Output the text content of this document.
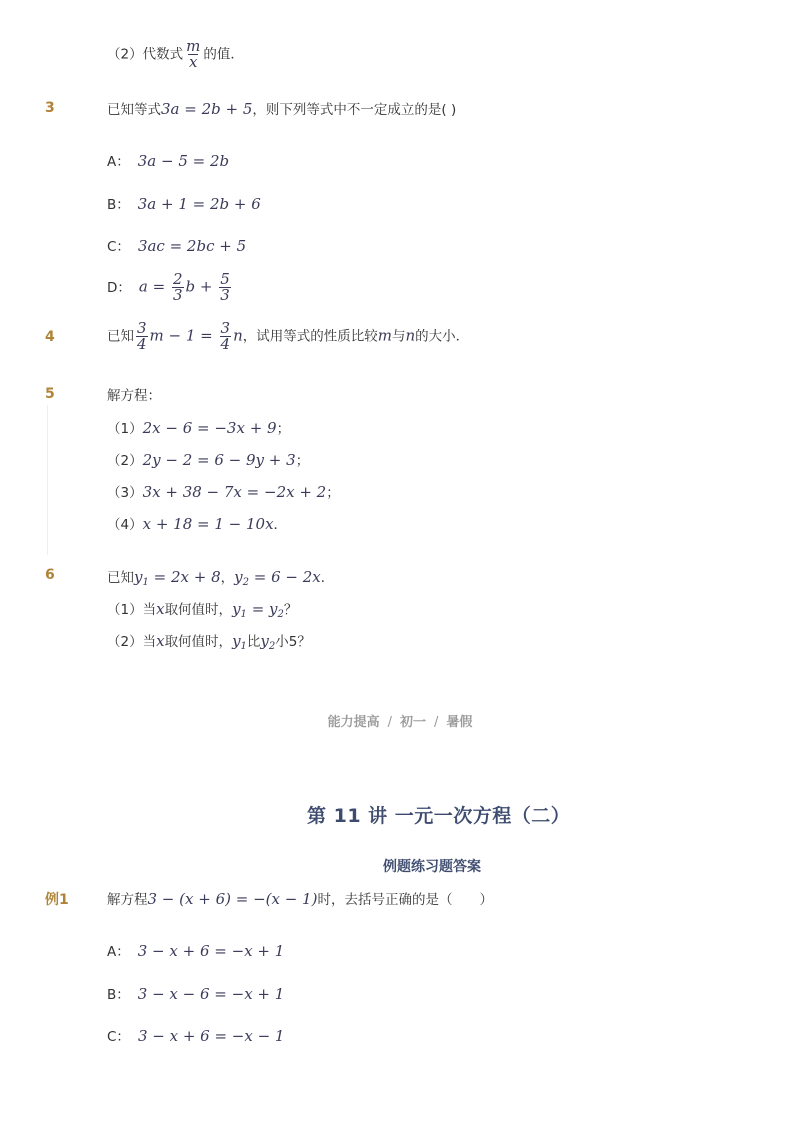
（2）代数式 $\frac{m}{x}$ 的值．
3	已知等式3a = 2b + 5，则下列等式中不一定成立的是( )
A： 3a − 5 = 2b
B： 3a + 1 = 2b + 6
C： 3ac = 2bc + 5
D： $a = \frac{2}{3}$ $b + \frac{5}{3}$
4	已知 $\frac{3}{4}$ $m - 1 = \frac{3}{4}$ n，试用等式的性质比较m与n的大小．
5	解方程：
（1）2x − 6 = −3x + 9；
（2）2y − 2 = 6 − 9y + 3；
（3）3x + 38 − 7x = −2x + 2；
（4）x + 18 = 1 − 10x．
6	已知$y_1 = 2x + 8$，$y_2 = 6 - 2x$．
（1）当x取何值时，$y_1 = y_2$？
（2）当x取何值时，$y_1$比$y_2$小5？
能力提高 / 初一 / 暑假
第 11 讲 一元一次方程（二）
例题练习题答案
例1	解方程3 − (x + 6) = −(x − 1)时，去括号正确的是（　　）
A： 3 − x + 6 = −x + 1
B： 3 − x − 6 = −x + 1
C： 3 − x + 6 = −x − 1
